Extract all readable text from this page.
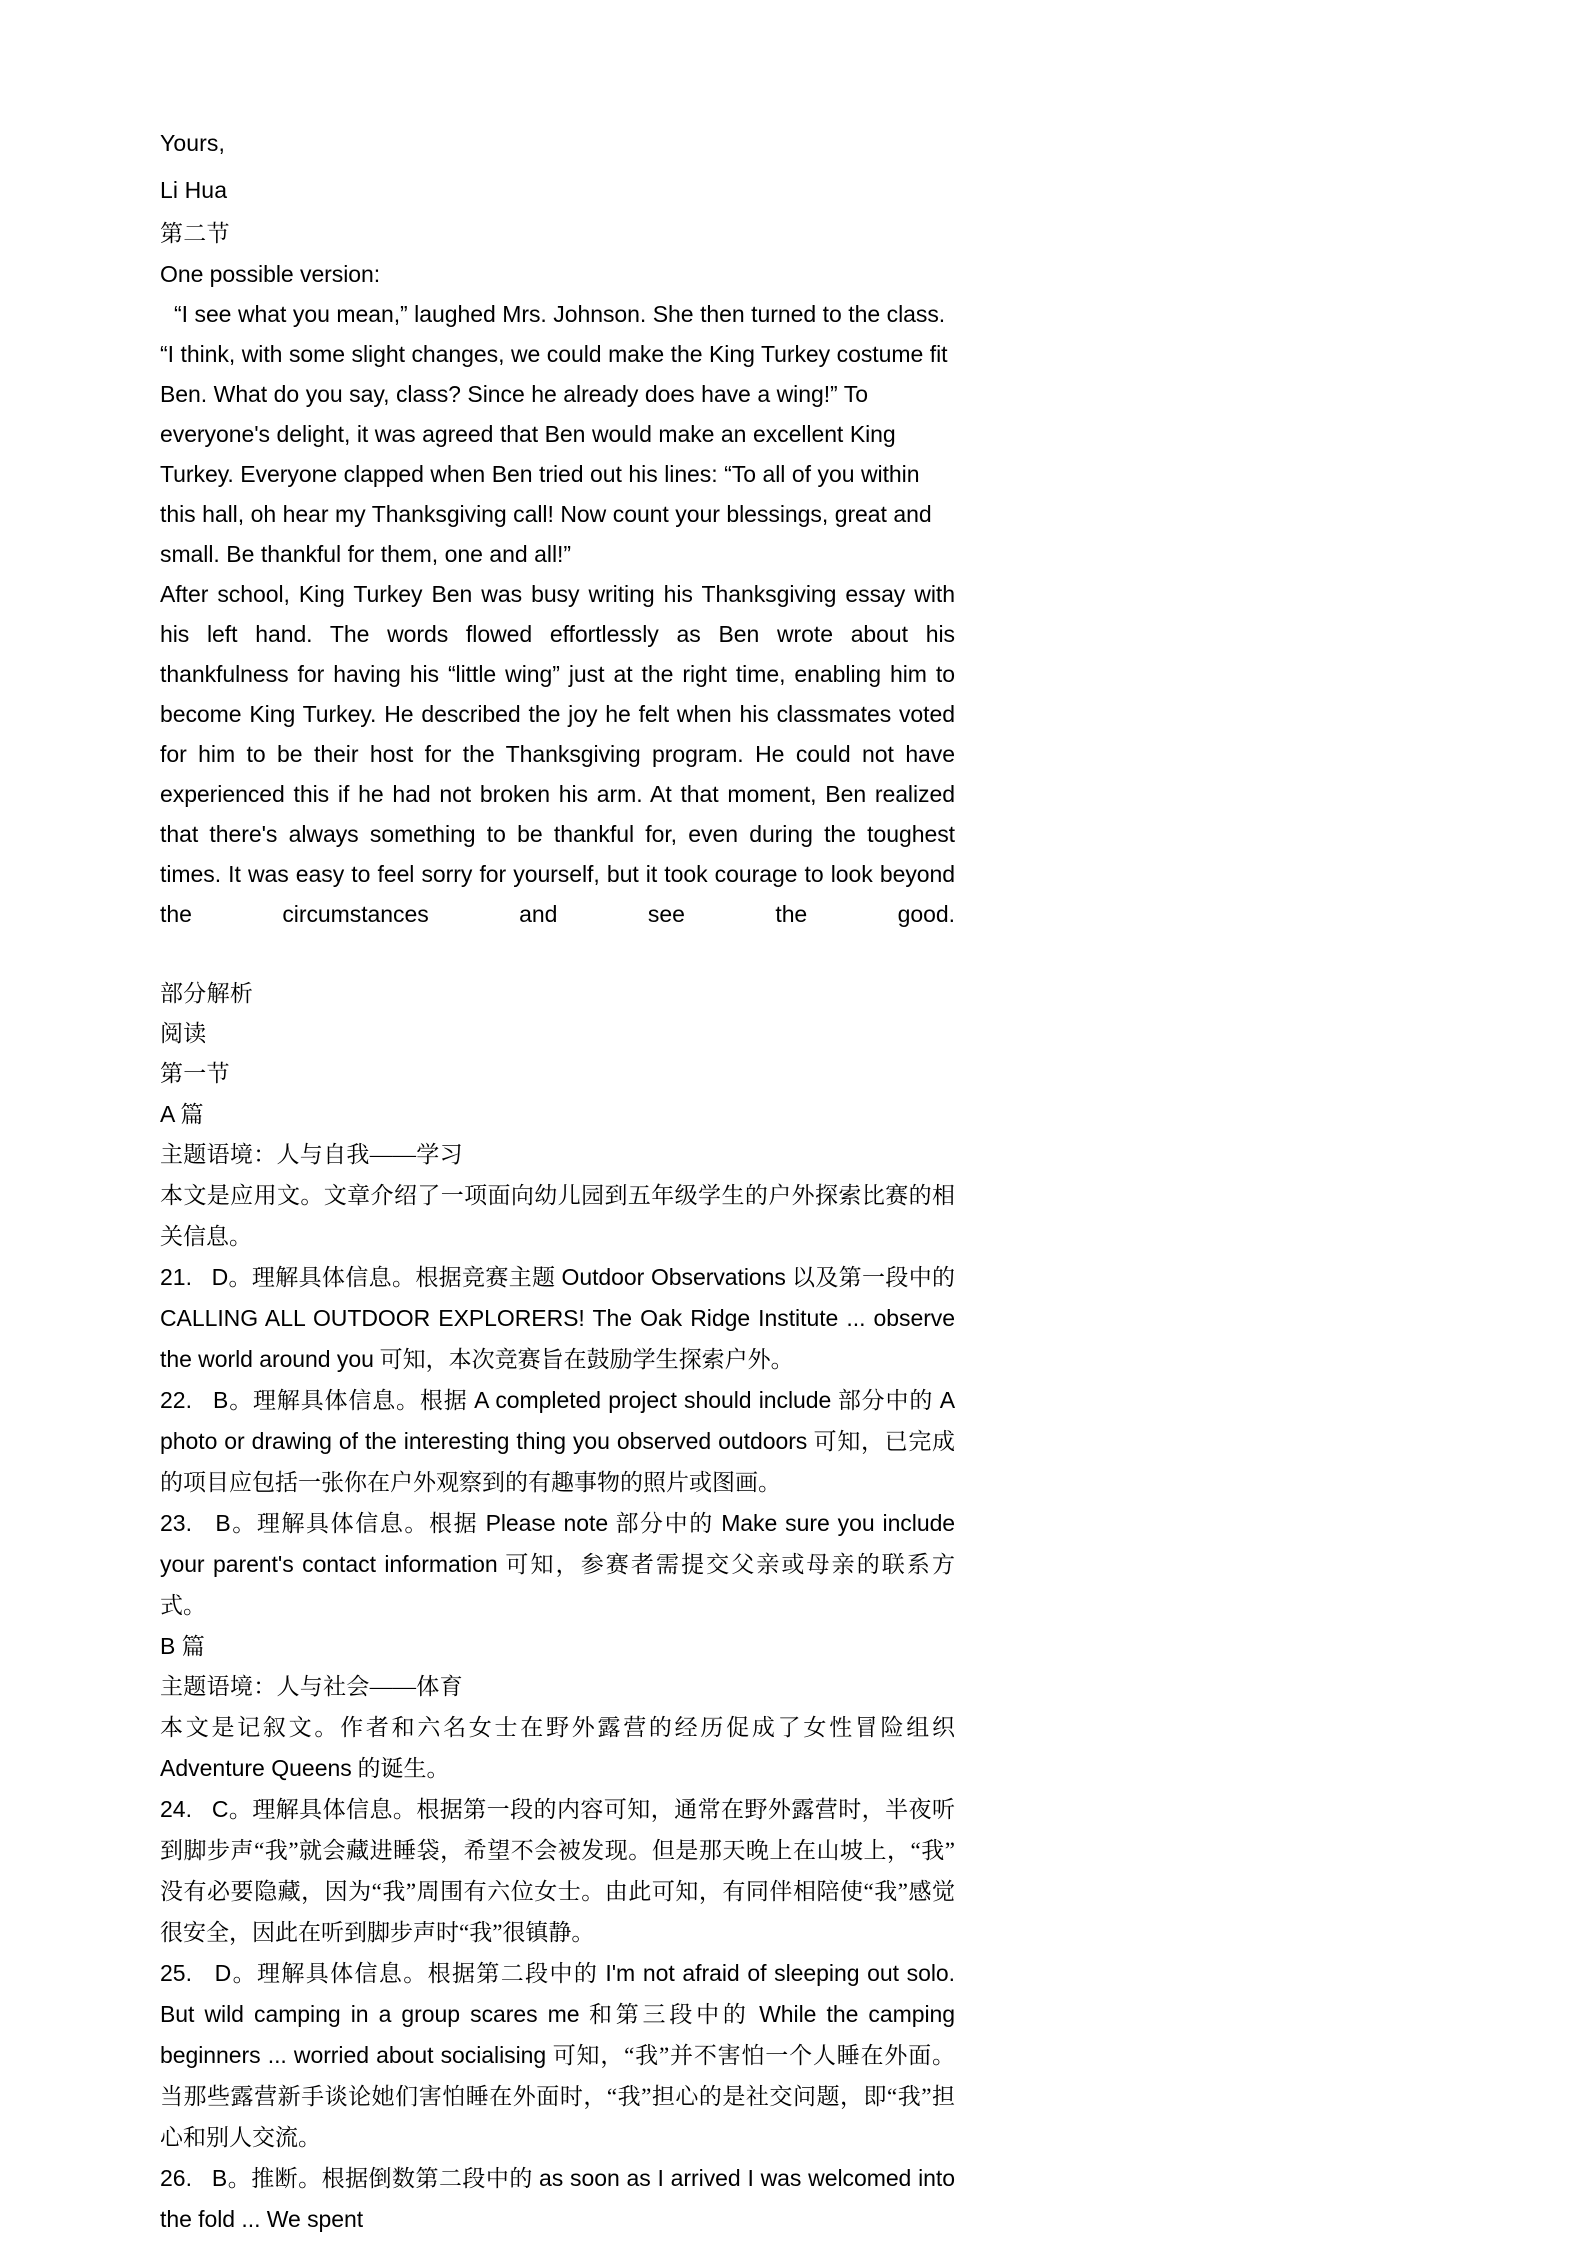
Yours,
Li Hua
第二节
One possible version:
“I see what you mean,” laughed Mrs. Johnson. She then turned to the class. “I think, with some slight changes, we could make the King Turkey costume fit Ben. What do you say, class? Since he already does have a wing!” To everyone's delight, it was agreed that Ben would make an excellent King Turkey. Everyone clapped when Ben tried out his lines: “To all of you within this hall, oh hear my Thanksgiving call! Now count your blessings, great and small. Be thankful for them, one and all!”
After school, King Turkey Ben was busy writing his Thanksgiving essay with his left hand. The words flowed effortlessly as Ben wrote about his thankfulness for having his “little wing” just at the right time, enabling him to become King Turkey. He described the joy he felt when his classmates voted for him to be their host for the Thanksgiving program. He could not have experienced this if he had not broken his arm. At that moment, Ben realized that there's always something to be thankful for, even during the toughest times. It was easy to feel sorry for yourself, but it took courage to look beyond the circumstances and see the good.
部分解析
阅读
第一节
A 篇
主题语境：人与自我——学习
本文是应用文。文章介绍了一项面向幼儿园到五年级学生的户外探索比赛的相关信息。
21. D。理解具体信息。根据竞赛主题 Outdoor Observations 以及第一段中的 CALLING ALL OUTDOOR EXPLORERS! The Oak Ridge Institute ... observe the world around you 可知，本次竞赛旨在鼓励学生探索户外。
22. B。理解具体信息。根据 A completed project should include 部分中的 A photo or drawing of the interesting thing you observed outdoors 可知，已完成的项目应包括一张你在户外观察到的有趣事物的照片或图画。
23. B。理解具体信息。根据 Please note 部分中的 Make sure you include your parent's contact information 可知，参赛者需提交父亲或母亲的联系方式。
B 篇
主题语境：人与社会——体育
本文是记叙文。作者和六名女士在野外露营的经历促成了女性冒险组织 Adventure Queens 的诞生。
24. C。理解具体信息。根据第一段的内容可知，通常在野外露营时，半夜听到脚步声“我”就会藏进睡袋，希望不会被发现。但是那天晚上在山坡上，“我”没有必要隐藏，因为“我”周围有六位女士。由此可知，有同伴相陪使“我”感觉很安全，因此在听到脚步声时“我”很镇静。
25. D。理解具体信息。根据第二段中的 I'm not afraid of sleeping out solo. But wild camping in a group scares me 和第三段中的 While the camping beginners ... worried about socialising 可知，“我”并不害怕一个人睡在外面。当那些露营新手谈论她们害怕睡在外面时，“我”担心的是社交问题，即“我”担心和别人交流。
26. B。推断。根据倒数第二段中的 as soon as I arrived I was welcomed into the fold ... We spent
